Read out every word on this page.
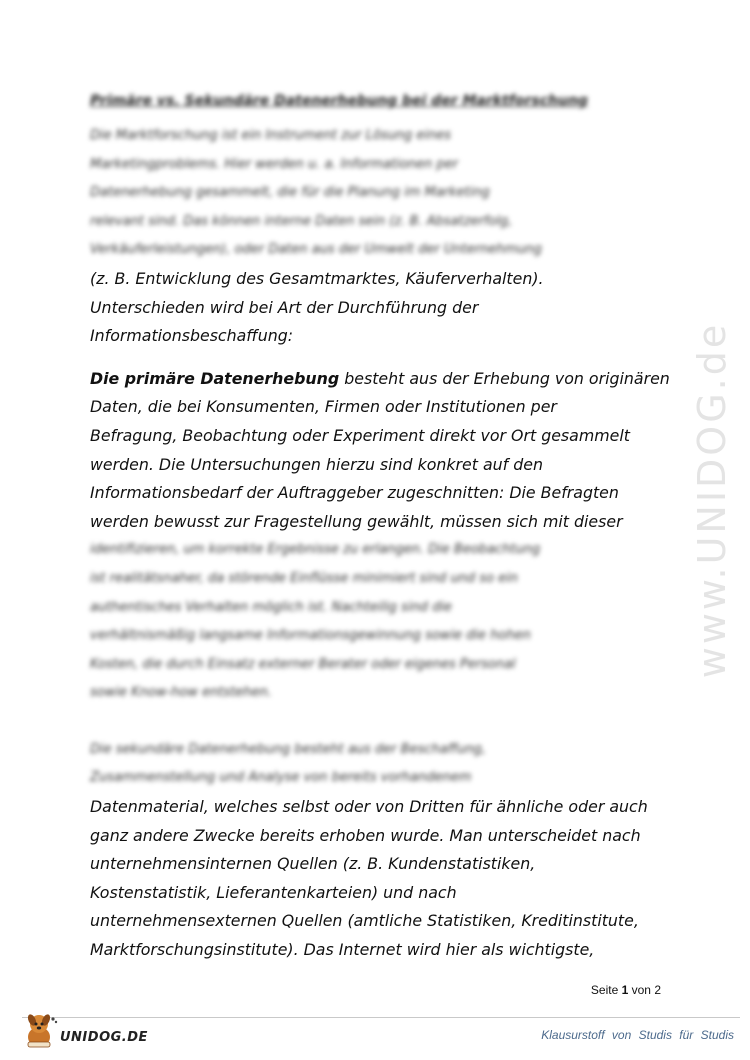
Primäre vs. Sekundäre Datenerhebung bei der Marktforschung
Die Marktforschung ist ein Instrument zur Lösung eines
Marketingproblems. Hier werden u. a. Informationen per
Datenerhebung gesammelt, die für die Planung im Marketing
relevant sind. Das können interne Daten sein (z. B. Absatzerfolg,
Verkäuferleistungen), oder Daten aus der Umwelt der Unternehmung
(z. B. Entwicklung des Gesamtmarktes, Käuferverhalten).
Unterschieden wird bei Art der Durchführung der
Informationsbeschaffung:
Die primäre Datenerhebung besteht aus der Erhebung von originären
Daten, die bei Konsumenten, Firmen oder Institutionen per
Befragung, Beobachtung oder Experiment direkt vor Ort gesammelt
werden. Die Untersuchungen hierzu sind konkret auf den
Informationsbedarf der Auftraggeber zugeschnitten: Die Befragten
werden bewusst zur Fragestellung gewählt, müssen sich mit dieser
identifizieren, um korrekte Ergebnisse zu erlangen. Die Beobachtung
ist realitätsnaher, da störende Einflüsse minimiert sind und so ein
authentisches Verhalten möglich ist. Nachteilig sind die
verhältnismäßig langsame Informationsgewinnung sowie die hohen
Kosten, die durch Einsatz externer Berater oder eigenes Personal
sowie Know-how entstehen.
Die sekundäre Datenerhebung besteht aus der Beschaffung,
Zusammenstellung und Analyse von bereits vorhandenem
Datenmaterial, welches selbst oder von Dritten für ähnliche oder auch
ganz andere Zwecke bereits erhoben wurde. Man unterscheidet nach
unternehmensinternen Quellen (z. B. Kundenstatistiken,
Kostenstatistik, Lieferantenkarteien) und nach
unternehmensexternen Quellen (amtliche Statistiken, Kreditinstitute,
Marktforschungsinstitute). Das Internet wird hier als wichtigste,
www.UNIDOG.de
Seite 1 von 2
UNIDOG.DE	Klausurstoff von Studis für Studis
